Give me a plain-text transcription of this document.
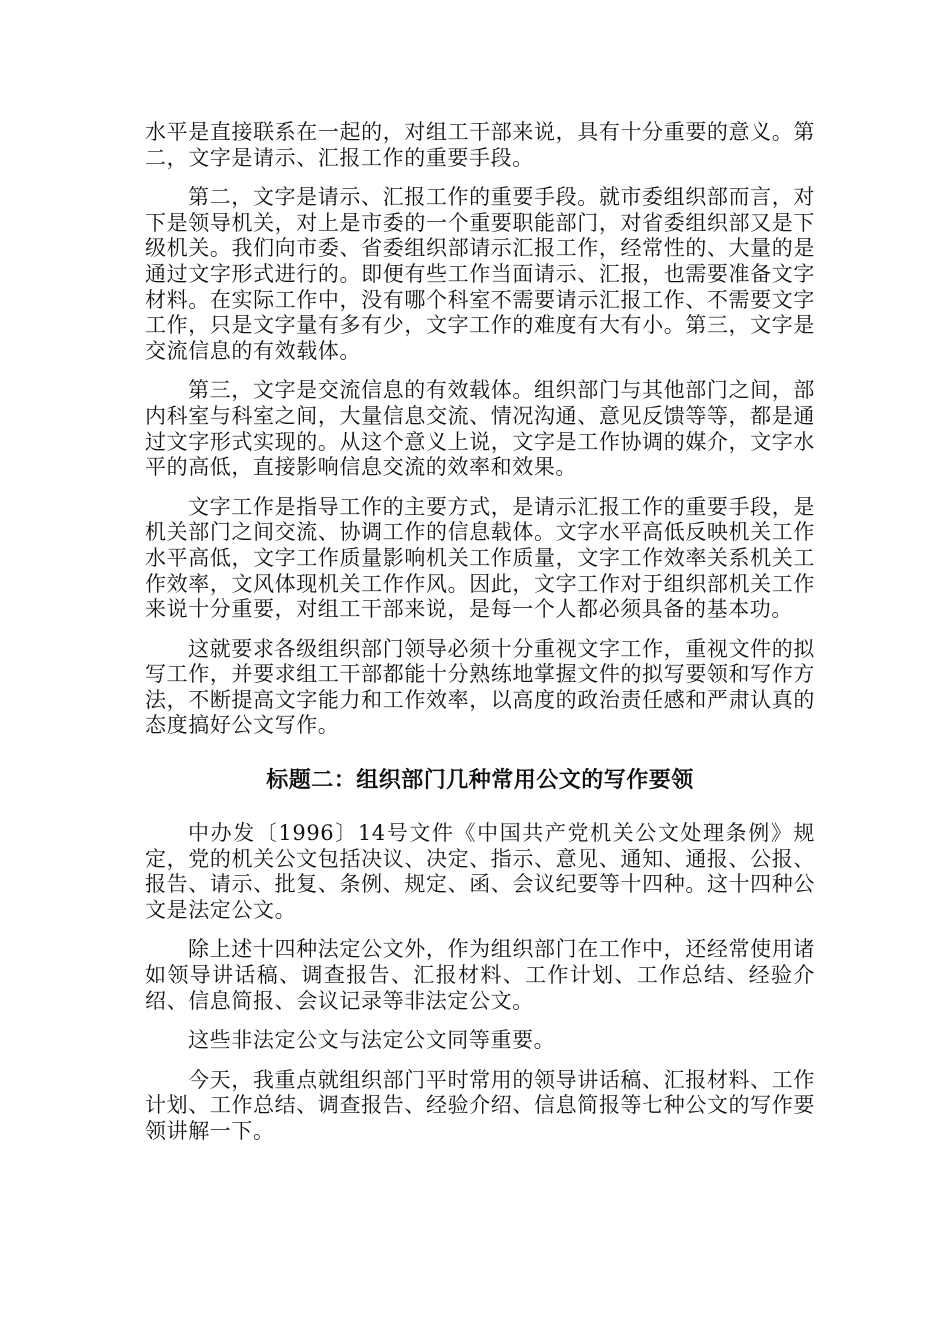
水平是直接联系在一起的，对组工干部来说，具有十分重要的意义。第二，文字是请示、汇报工作的重要手段。

第二，文字是请示、汇报工作的重要手段。就市委组织部而言，对下是领导机关，对上是市委的一个重要职能部门，对省委组织部又是下级机关。我们向市委、省委组织部请示汇报工作，经常性的、大量的是通过文字形式进行的。即便有些工作当面请示、汇报，也需要准备文字材料。在实际工作中，没有哪个科室不需要请示汇报工作、不需要文字工作，只是文字量有多有少，文字工作的难度有大有小。第三，文字是交流信息的有效载体。

第三，文字是交流信息的有效载体。组织部门与其他部门之间，部内科室与科室之间，大量信息交流、情况沟通、意见反馈等等，都是通过文字形式实现的。从这个意义上说，文字是工作协调的媒介，文字水平的高低，直接影响信息交流的效率和效果。

文字工作是指导工作的主要方式，是请示汇报工作的重要手段，是机关部门之间交流、协调工作的信息载体。文字水平高低反映机关工作水平高低，文字工作质量影响机关工作质量，文字工作效率关系机关工作效率，文风体现机关工作作风。因此，文字工作对于组织部机关工作来说十分重要，对组工干部来说，是每一个人都必须具备的基本功。

这就要求各级组织部门领导必须十分重视文字工作，重视文件的拟写工作，并要求组工干部都能十分熟练地掌握文件的拟写要领和写作方法，不断提高文字能力和工作效率，以高度的政治责任感和严肃认真的态度搞好公文写作。

标题二：组织部门几种常用公文的写作要领

中办发〔1996〕14号文件《中国共产党机关公文处理条例》规定，党的机关公文包括决议、决定、指示、意见、通知、通报、公报、报告、请示、批复、条例、规定、函、会议纪要等十四种。这十四种公文是法定公文。

除上述十四种法定公文外，作为组织部门在工作中，还经常使用诸如领导讲话稿、调查报告、汇报材料、工作计划、工作总结、经验介绍、信息简报、会议记录等非法定公文。

这些非法定公文与法定公文同等重要。

今天，我重点就组织部门平时常用的领导讲话稿、汇报材料、工作计划、工作总结、调查报告、经验介绍、信息简报等七种公文的写作要领讲解一下。
